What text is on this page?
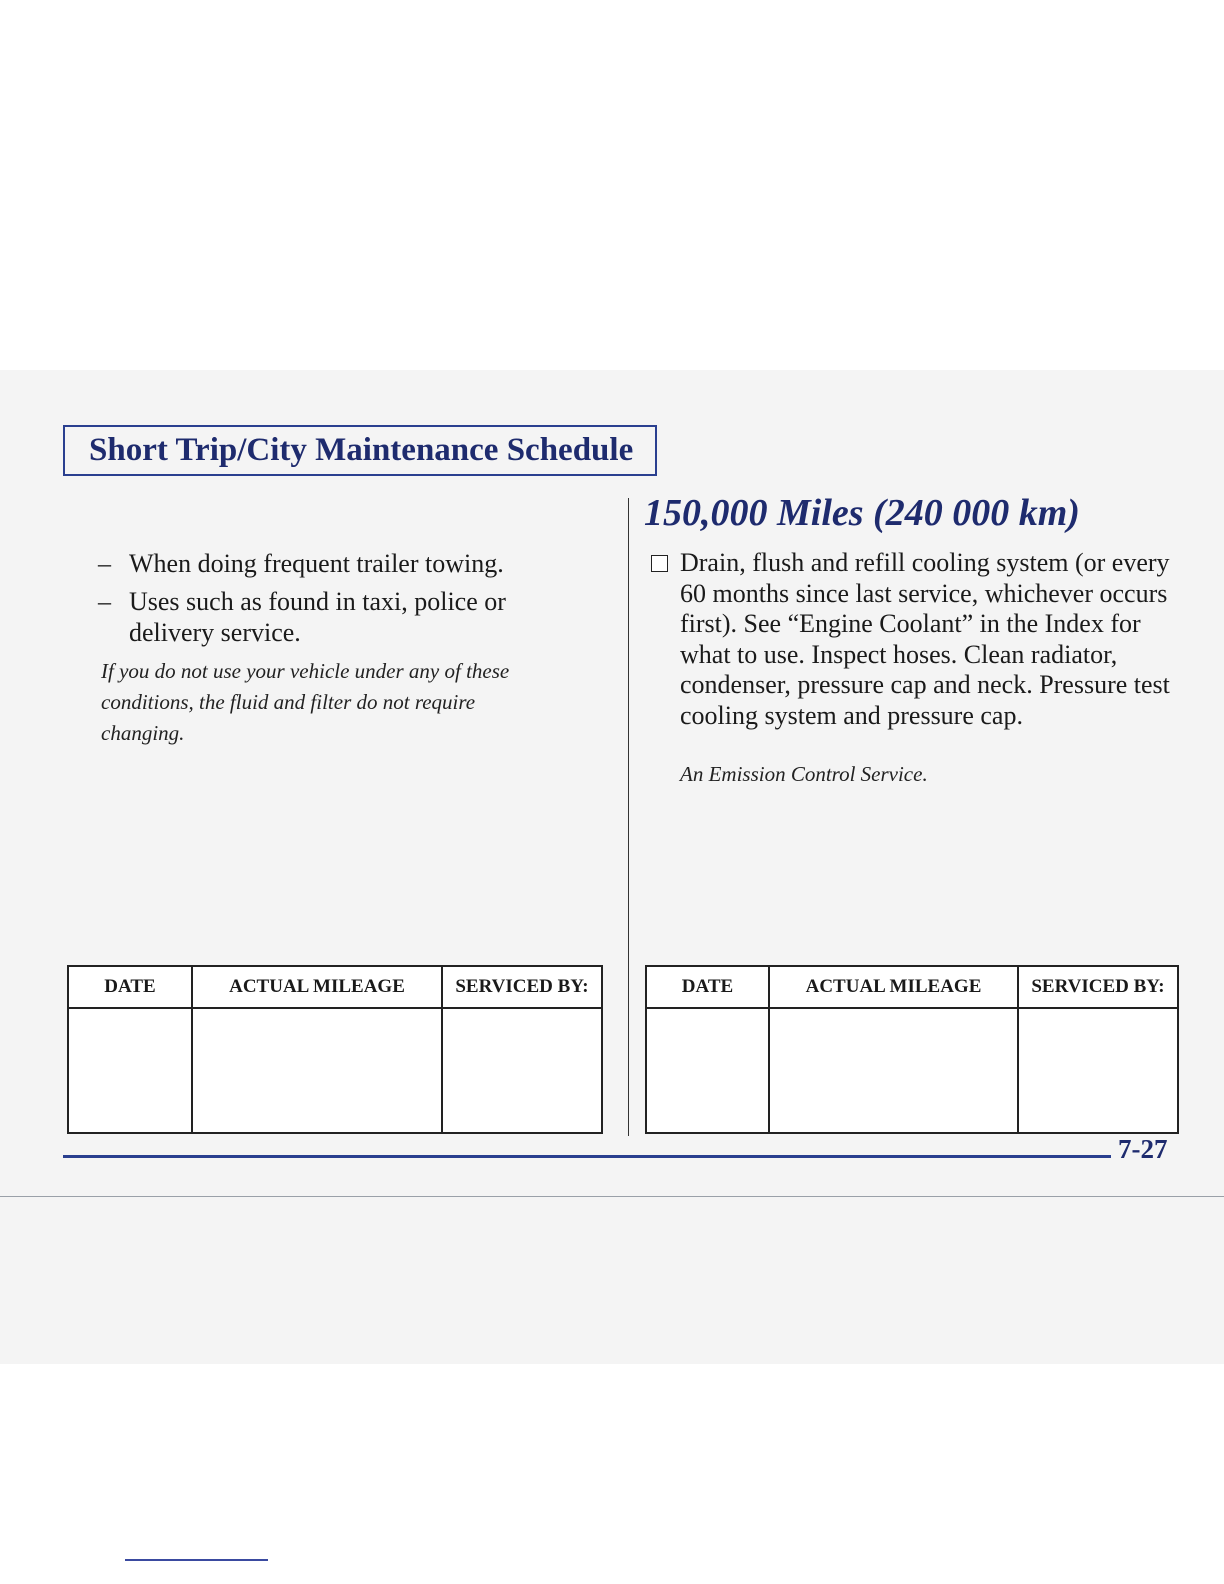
Short Trip/City Maintenance Schedule
– When doing frequent trailer towing.
– Uses such as found in taxi, police or delivery service.
If you do not use your vehicle under any of these conditions, the fluid and filter do not require changing.
150,000 Miles (240 000 km)
Drain, flush and refill cooling system (or every 60 months since last service, whichever occurs first). See “Engine Coolant” in the Index for what to use. Inspect hoses. Clean radiator, condenser, pressure cap and neck. Pressure test cooling system and pressure cap.
An Emission Control Service.
DATE	ACTUAL MILEAGE	SERVICED BY:
			DATE	ACTUAL MILEAGE	SERVICED BY:

7-27
